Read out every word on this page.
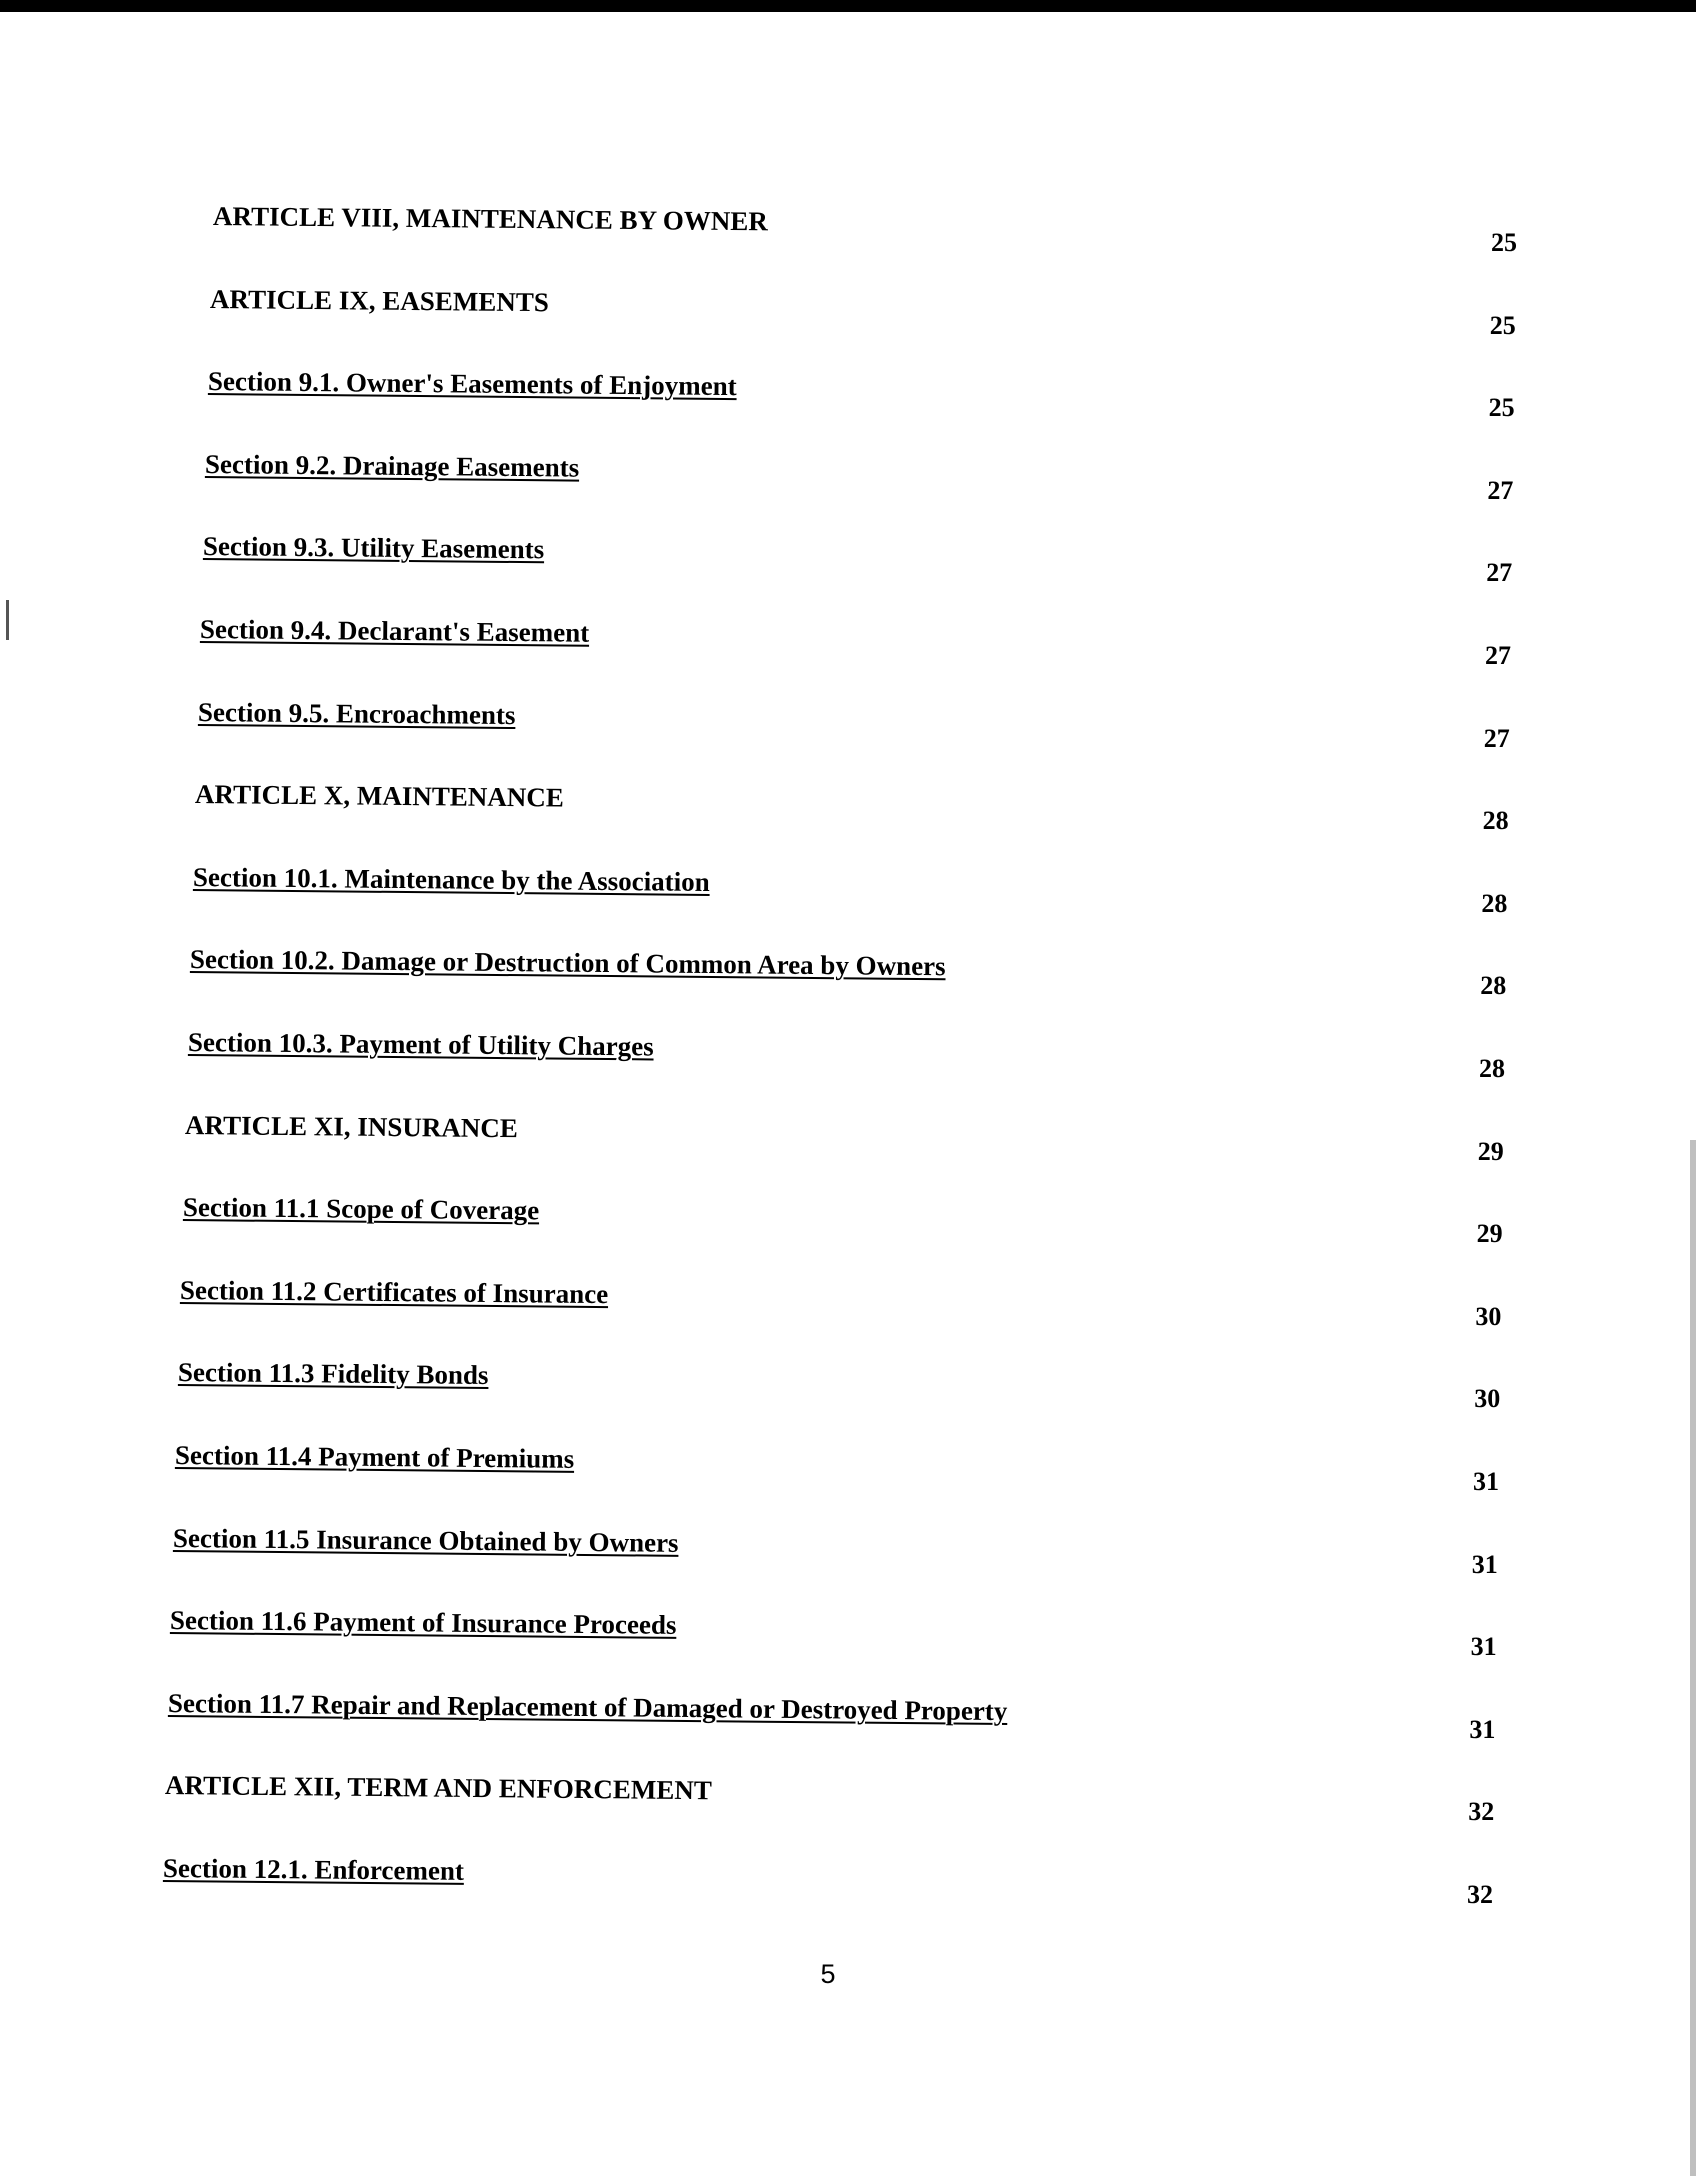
ARTICLE VIII, MAINTENANCE BY OWNER
25
ARTICLE IX, EASEMENTS
25
Section 9.1. Owner's Easements of Enjoyment
25
Section 9.2. Drainage Easements
27
Section 9.3. Utility Easements
27
Section 9.4. Declarant's Easement
27
Section 9.5. Encroachments
27
ARTICLE X, MAINTENANCE
28
Section 10.1. Maintenance by the Association
28
Section 10.2. Damage or Destruction of Common Area by Owners
28
Section 10.3. Payment of Utility Charges
28
ARTICLE XI, INSURANCE
29
Section 11.1 Scope of Coverage
29
Section 11.2 Certificates of Insurance
30
Section 11.3 Fidelity Bonds
30
Section 11.4 Payment of Premiums
31
Section 11.5 Insurance Obtained by Owners
31
Section 11.6 Payment of Insurance Proceeds
31
Section 11.7 Repair and Replacement of Damaged or Destroyed Property
31
ARTICLE XII, TERM AND ENFORCEMENT
32
Section 12.1. Enforcement
32
5
